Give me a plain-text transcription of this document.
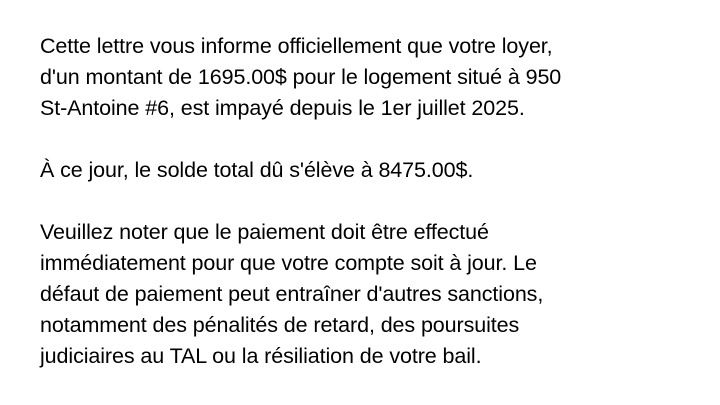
Cette lettre vous informe officiellement que votre loyer,
d'un montant de 1695.00$ pour le logement situé à 950
St-Antoine #6, est impayé depuis le 1er juillet 2025.

À ce jour, le solde total dû s'élève à 8475.00$.

Veuillez noter que le paiement doit être effectué
immédiatement pour que votre compte soit à jour. Le
défaut de paiement peut entraîner d'autres sanctions,
notamment des pénalités de retard, des poursuites
judiciaires au TAL ou la résiliation de votre bail.
